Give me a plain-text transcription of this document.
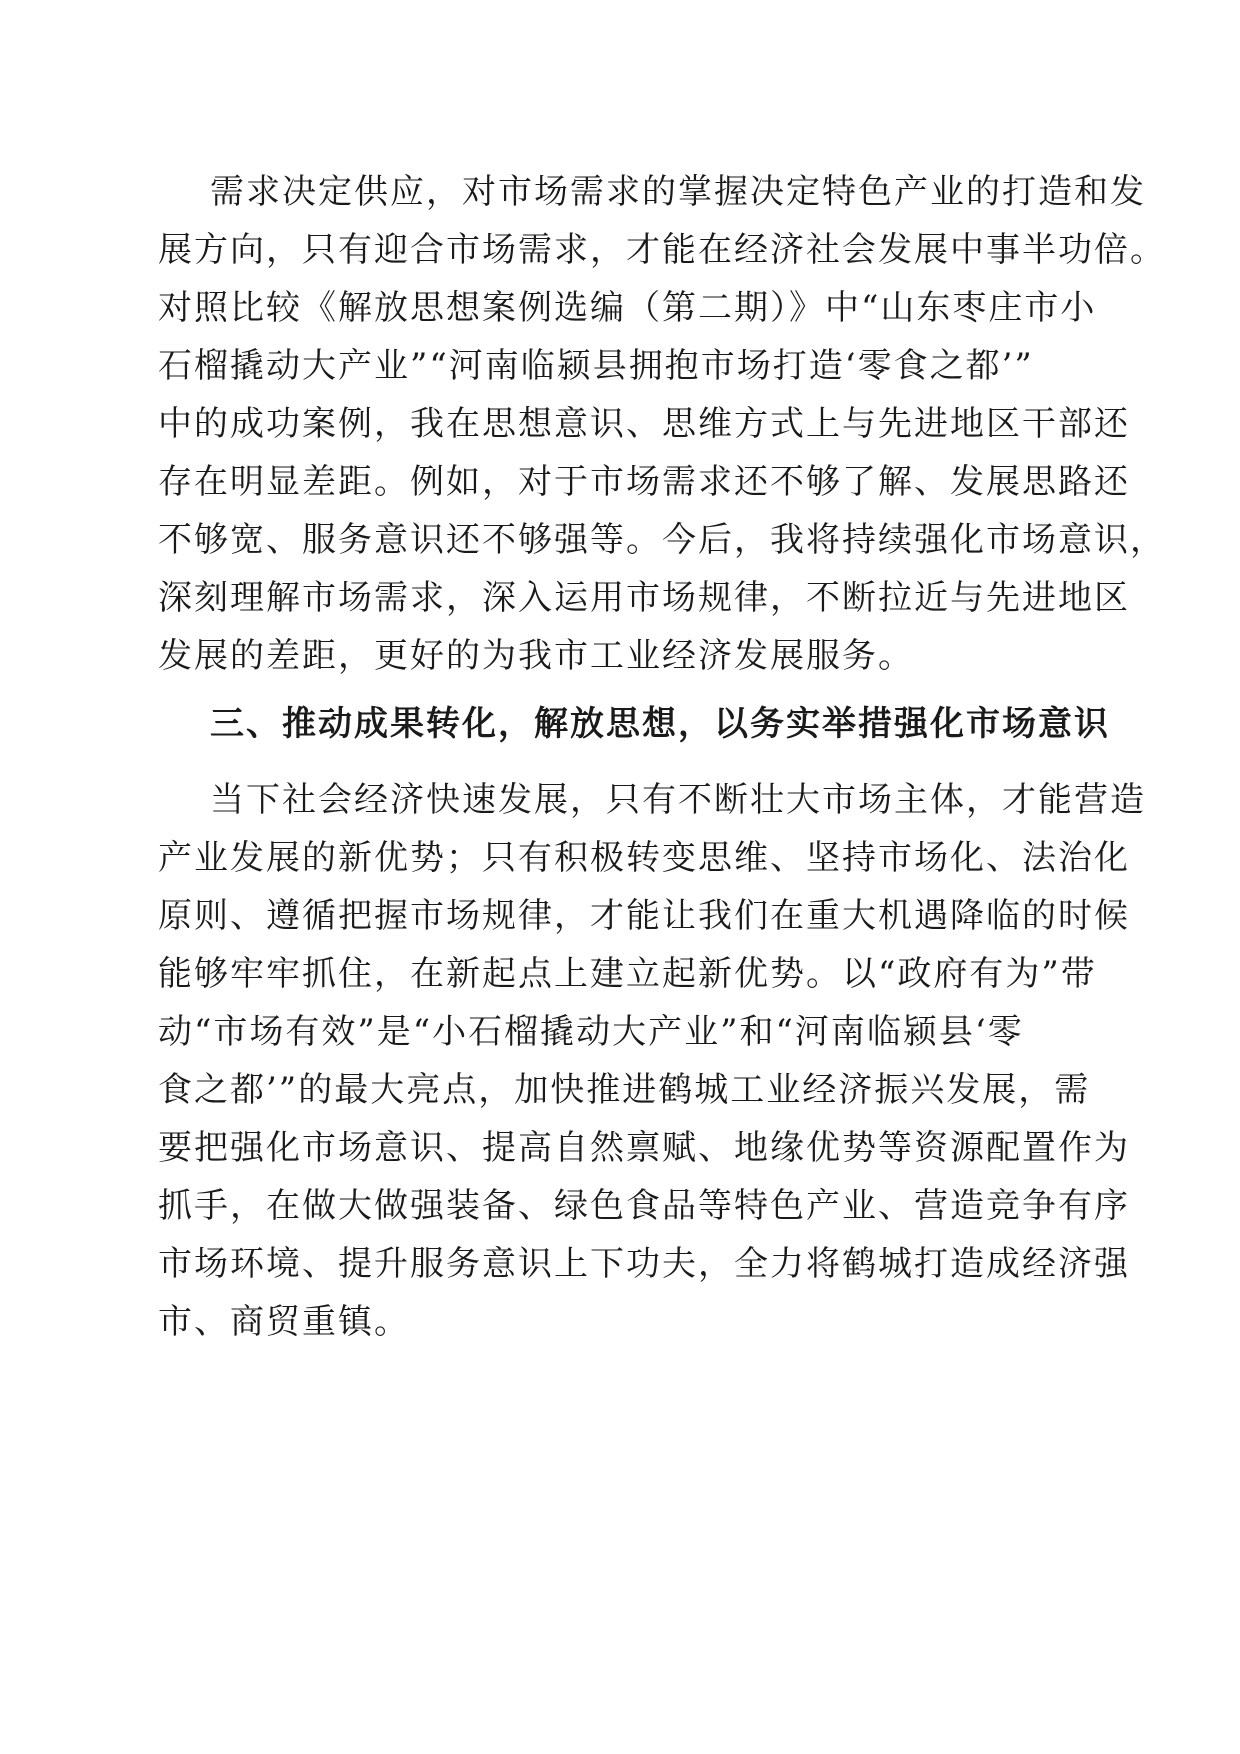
需求决定供应，对市场需求的掌握决定特色产业的打造和发
展方向，只有迎合市场需求，才能在经济社会发展中事半功倍。
对照比较《解放思想案例选编（第二期）》中“山东枣庄市小
石榴撬动大产业”“河南临颍县拥抱市场打造‘零食之都’”
中的成功案例，我在思想意识、思维方式上与先进地区干部还
存在明显差距。例如，对于市场需求还不够了解、发展思路还
不够宽、服务意识还不够强等。今后，我将持续强化市场意识，
深刻理解市场需求，深入运用市场规律，不断拉近与先进地区
发展的差距，更好的为我市工业经济发展服务。
三、推动成果转化，解放思想，以务实举措强化市场意识
当下社会经济快速发展，只有不断壮大市场主体，才能营造
产业发展的新优势；只有积极转变思维、坚持市场化、法治化
原则、遵循把握市场规律，才能让我们在重大机遇降临的时候
能够牢牢抓住，在新起点上建立起新优势。以“政府有为”带
动“市场有效”是“小石榴撬动大产业”和“河南临颍县‘零
食之都’”的最大亮点，加快推进鹤城工业经济振兴发展，需
要把强化市场意识、提高自然禀赋、地缘优势等资源配置作为
抓手，在做大做强装备、绿色食品等特色产业、营造竞争有序
市场环境、提升服务意识上下功夫，全力将鹤城打造成经济强
市、商贸重镇。
